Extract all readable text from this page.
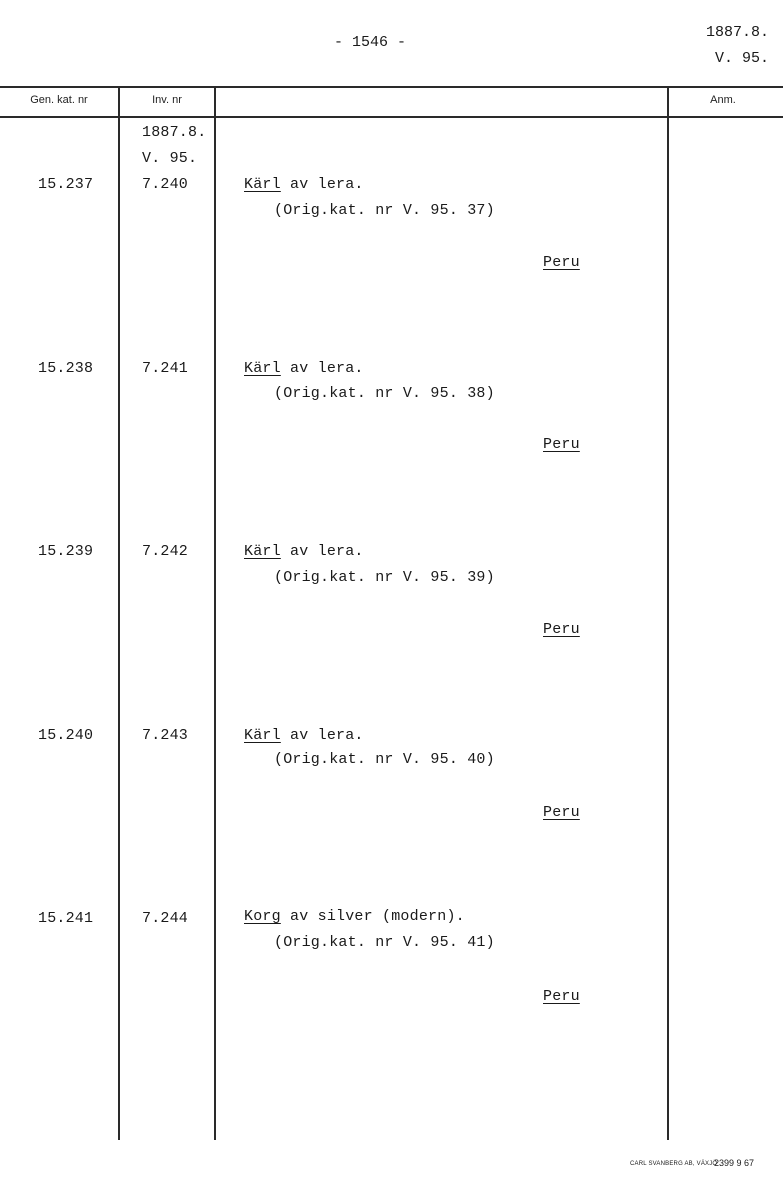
- 1546 -
1887.8.
V. 95.
Gen. kat. nr	Inv. nr	Anm.
1887.8.
V. 95.
15.237	7.240	Kärl av lera.
(Orig.kat. nr V. 95. 37)
Peru
15.238	7.241	Kärl av lera.
(Orig.kat. nr V. 95. 38)
Peru
15.239	7.242	Kärl av lera.
(Orig.kat. nr V. 95. 39)
Peru
15.240	7.243	Kärl av lera.
(Orig.kat. nr V. 95. 40)
Peru
15.241	7.244	Korg av silver (modern).
(Orig.kat. nr V. 95. 41)
Peru
CARL SVANBERG AB, VÄXJÖ
2399 9 67
